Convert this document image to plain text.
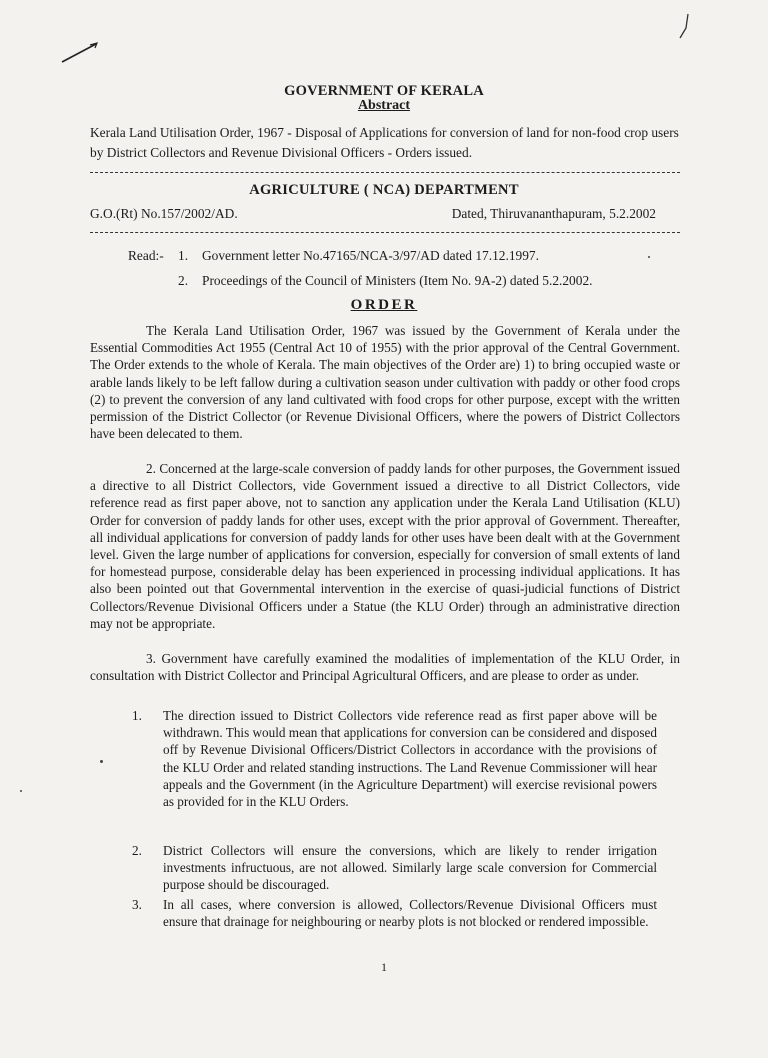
GOVERNMENT OF KERALA
Abstract
Kerala Land Utilisation Order, 1967 - Disposal of Applications for conversion of land for non-food crop users by District Collectors and Revenue Divisional Officers - Orders issued.
AGRICULTURE ( NCA) DEPARTMENT
G.O.(Rt) No.157/2002/AD.	Dated, Thiruvananthapuram, 5.2.2002
Read:- 1. Government letter No.47165/NCA-3/97/AD dated 17.12.1997.
2. Proceedings of the Council of Ministers (Item No. 9A-2) dated 5.2.2002.
ORDER
The Kerala Land Utilisation Order, 1967 was issued by the Government of Kerala under the Essential Commodities Act 1955 (Central Act 10 of 1955) with the prior approval of the Central Government. The Order extends to the whole of Kerala. The main objectives of the Order are) 1) to bring occupied waste or arable lands likely to be left fallow during a cultivation season under cultivation with paddy or other food crops (2) to prevent the conversion of any land cultivated with food crops for other purpose, except with the written permission of the District Collector (or Revenue Divisional Officers, where the powers of District Collectors have been delecated to them.
2. Concerned at the large-scale conversion of paddy lands for other purposes, the Government issued a directive to all District Collectors, vide Government issued a directive to all District Collectors, vide reference read as first paper above, not to sanction any application under the Kerala Land Utilisation (KLU) Order for conversion of paddy lands for other uses, except with the prior approval of Government. Thereafter, all individual applications for conversion of paddy lands for other uses have been dealt with at the Government level. Given the large number of applications for conversion, especially for conversion of small extents of land for homestead purpose, considerable delay has been experienced in processing individual applications. It has also been pointed out that Governmental intervention in the exercise of quasi-judicial functions of District Collectors/Revenue Divisional Officers under a Statue (the KLU Order) through an administrative direction may not be appropriate.
3. Government have carefully examined the modalities of implementation of the KLU Order, in consultation with District Collector and Principal Agricultural Officers, and are please to order as under.
1. The direction issued to District Collectors vide reference read as first paper above will be withdrawn. This would mean that applications for conversion can be considered and disposed off by Revenue Divisional Officers/District Collectors in accordance with the provisions of the KLU Order and related standing instructions. The Land Revenue Commissioner will hear appeals and the Government (in the Agriculture Department) will exercise revisional powers as provided for in the KLU Orders.
2. District Collectors will ensure the conversions, which are likely to render irrigation investments infructuous, are not allowed. Similarly large scale conversion for Commercial purpose should be discouraged.
3. In all cases, where conversion is allowed, Collectors/Revenue Divisional Officers must ensure that drainage for neighbouring or nearby plots is not blocked or rendered impossible.
1
